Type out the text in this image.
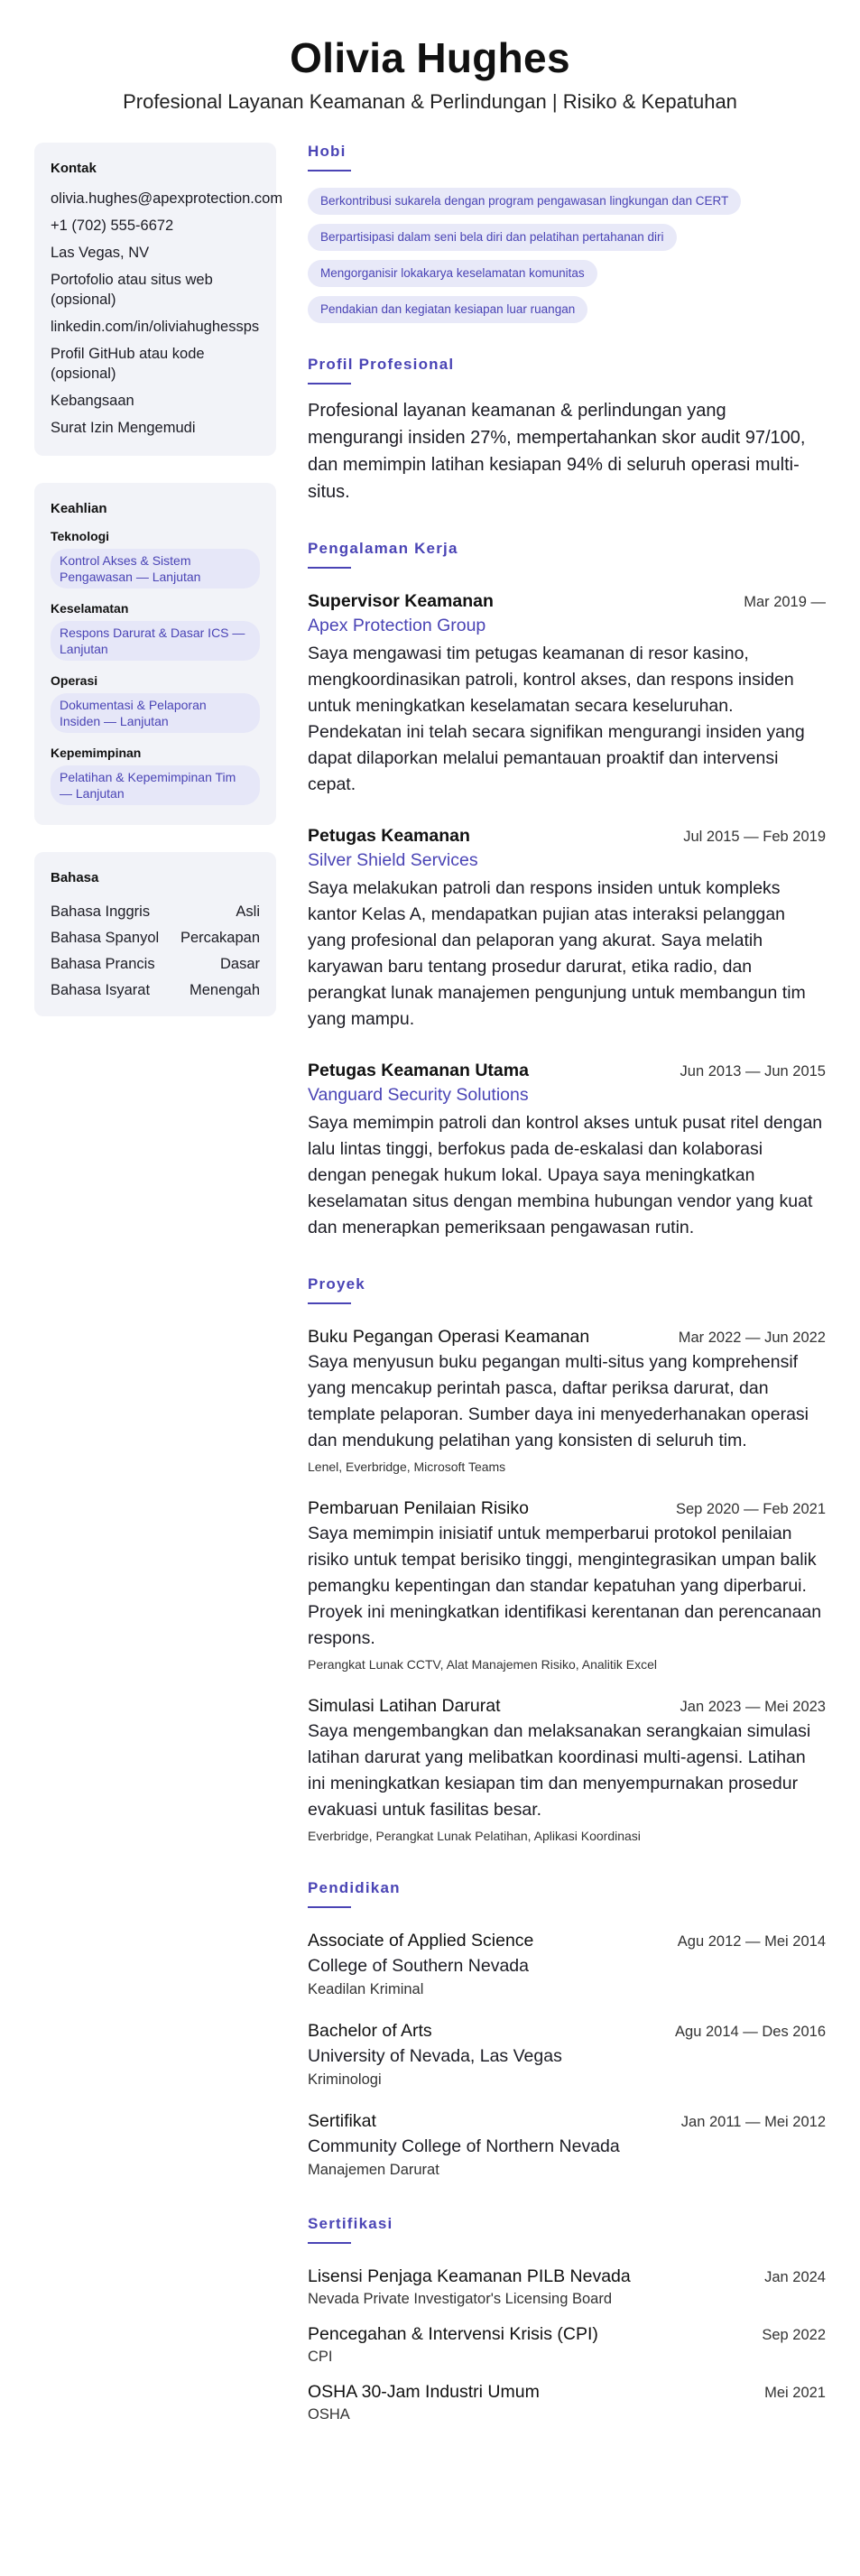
Olivia Hughes
Profesional Layanan Keamanan & Perlindungan | Risiko & Kepatuhan
Kontak
olivia.hughes@apexprotection.com
+1 (702) 555-6672
Las Vegas, NV
Portofolio atau situs web (opsional)
linkedin.com/in/oliviahughessps
Profil GitHub atau kode (opsional)
Kebangsaan
Surat Izin Mengemudi
Keahlian
Teknologi
Kontrol Akses & Sistem Pengawasan — Lanjutan
Keselamatan
Respons Darurat & Dasar ICS — Lanjutan
Operasi
Dokumentasi & Pelaporan Insiden — Lanjutan
Kepemimpinan
Pelatihan & Kepemimpinan Tim — Lanjutan
Bahasa
Bahasa Inggris	Asli
Bahasa Spanyol Percakapan
Bahasa Prancis	Dasar
Bahasa Isyarat	Menengah
Hobi
Berkontribusi sukarela dengan program pengawasan lingkungan dan CERT
Berpartisipasi dalam seni bela diri dan pelatihan pertahanan diri
Mengorganisir lokakarya keselamatan komunitas
Pendakian dan kegiatan kesiapan luar ruangan
Profil Profesional
Profesional layanan keamanan & perlindungan yang mengurangi insiden 27%, mempertahankan skor audit 97/100, dan memimpin latihan kesiapan 94% di seluruh operasi multi-situs.
Pengalaman Kerja
Supervisor Keamanan	Mar 2019 —
Apex Protection Group
Saya mengawasi tim petugas keamanan di resor kasino, mengkoordinasikan patroli, kontrol akses, dan respons insiden untuk meningkatkan keselamatan secara keseluruhan. Pendekatan ini telah secara signifikan mengurangi insiden yang dapat dilaporkan melalui pemantauan proaktif dan intervensi cepat.
Petugas Keamanan	Jul 2015 — Feb 2019
Silver Shield Services
Saya melakukan patroli dan respons insiden untuk kompleks kantor Kelas A, mendapatkan pujian atas interaksi pelanggan yang profesional dan pelaporan yang akurat. Saya melatih karyawan baru tentang prosedur darurat, etika radio, dan perangkat lunak manajemen pengunjung untuk membangun tim yang mampu.
Petugas Keamanan Utama	Jun 2013 — Jun 2015
Vanguard Security Solutions
Saya memimpin patroli dan kontrol akses untuk pusat ritel dengan lalu lintas tinggi, berfokus pada de-eskalasi dan kolaborasi dengan penegak hukum lokal. Upaya saya meningkatkan keselamatan situs dengan membina hubungan vendor yang kuat dan menerapkan pemeriksaan pengawasan rutin.
Proyek
Buku Pegangan Operasi Keamanan	Mar 2022 — Jun 2022
Saya menyusun buku pegangan multi-situs yang komprehensif yang mencakup perintah pasca, daftar periksa darurat, dan template pelaporan. Sumber daya ini menyederhanakan operasi dan mendukung pelatihan yang konsisten di seluruh tim.
Lenel, Everbridge, Microsoft Teams
Pembaruan Penilaian Risiko	Sep 2020 — Feb 2021
Saya memimpin inisiatif untuk memperbarui protokol penilaian risiko untuk tempat berisiko tinggi, mengintegrasikan umpan balik pemangku kepentingan dan standar kepatuhan yang diperbarui. Proyek ini meningkatkan identifikasi kerentanan dan perencanaan respons.
Perangkat Lunak CCTV, Alat Manajemen Risiko, Analitik Excel
Simulasi Latihan Darurat	Jan 2023 — Mei 2023
Saya mengembangkan dan melaksanakan serangkaian simulasi latihan darurat yang melibatkan koordinasi multi-agensi. Latihan ini meningkatkan kesiapan tim dan menyempurnakan prosedur evakuasi untuk fasilitas besar.
Everbridge, Perangkat Lunak Pelatihan, Aplikasi Koordinasi
Pendidikan
Associate of Applied Science	Agu 2012 — Mei 2014
College of Southern Nevada
Keadilan Kriminal
Bachelor of Arts	Agu 2014 — Des 2016
University of Nevada, Las Vegas
Kriminologi
Sertifikat	Jan 2011 — Mei 2012
Community College of Northern Nevada
Manajemen Darurat
Sertifikasi
Lisensi Penjaga Keamanan PILB Nevada	Jan 2024
Nevada Private Investigator's Licensing Board
Pencegahan & Intervensi Krisis (CPI)	Sep 2022
CPI
OSHA 30-Jam Industri Umum	Mei 2021
OSHA
